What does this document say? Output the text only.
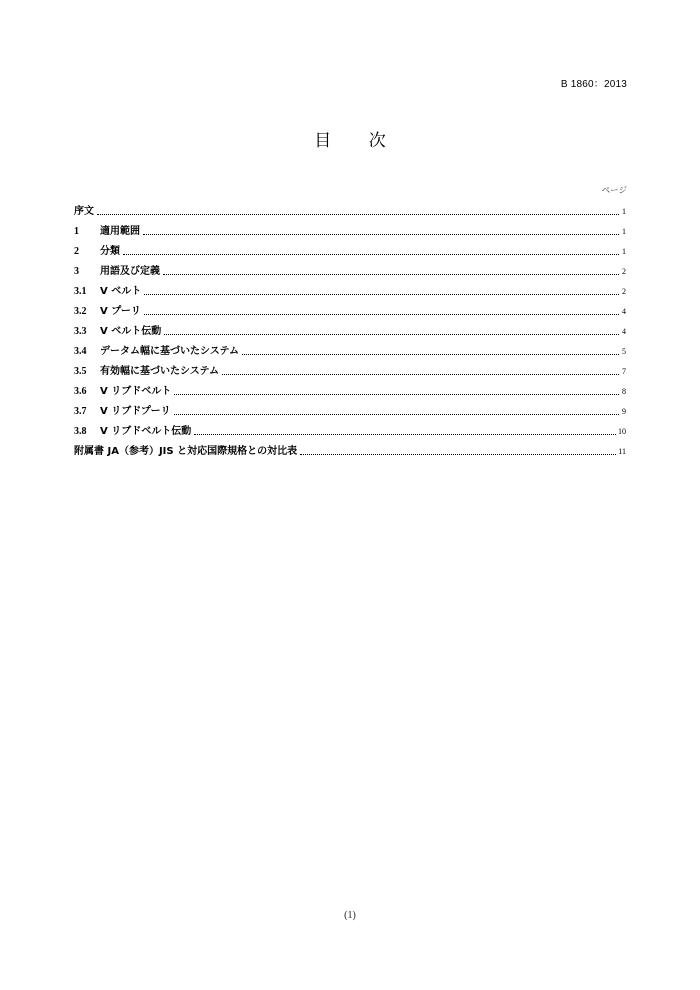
B 1860：2013
目 次
ページ
序文	1
1	適用範囲	1
2	分類	1
3	用語及び定義	2
3.1	V ベルト	2
3.2	V プーリ	4
3.3	V ベルト伝動	4
3.4	データム幅に基づいたシステム	5
3.5	有効幅に基づいたシステム	7
3.6	V リブドベルト	8
3.7	V リブドプーリ	9
3.8	V リブドベルト伝動	10
附属書 JA（参考）JIS と対応国際規格との対比表	11
(1)
